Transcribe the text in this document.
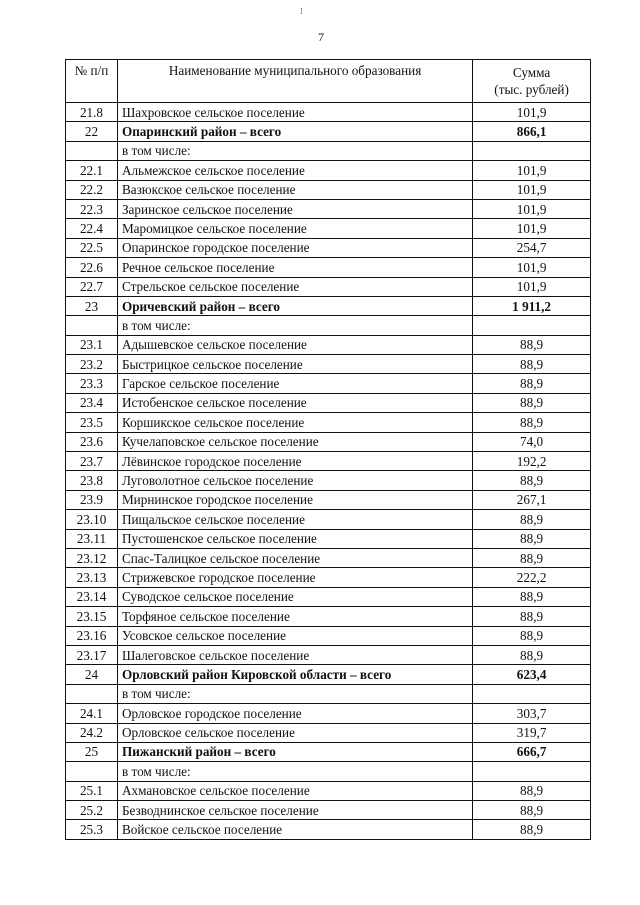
⁝
7
№ п/п	Наименование муниципального образования	Сумма
(тыс. рублей)
21.8	Шахровское сельское поселение	101,9
22	Опаринский район – всего	866,1
	в том числе:	
22.1	Альмежское сельское поселение	101,9
22.2	Вазюкское сельское поселение	101,9
22.3	Заринское сельское поселение	101,9
22.4	Маромицкое сельское поселение	101,9
22.5	Опаринское городское поселение	254,7
22.6	Речное сельское поселение	101,9
22.7	Стрельское сельское поселение	101,9
23	Оричевский район – всего	1 911,2
	в том числе:	
23.1	Адышевское сельское поселение	88,9
23.2	Быстрицкое сельское поселение	88,9
23.3	Гарское сельское поселение	88,9
23.4	Истобенское сельское поселение	88,9
23.5	Коршикское сельское поселение	88,9
23.6	Кучелаповское сельское поселение	74,0
23.7	Лёвинское городское поселение	192,2
23.8	Луговолотное сельское поселение	88,9
23.9	Мирнинское городское поселение	267,1
23.10	Пищальское сельское поселение	88,9
23.11	Пустошенское сельское поселение	88,9
23.12	Спас-Талицкое сельское поселение	88,9
23.13	Стрижевское городское поселение	222,2
23.14	Суводское сельское поселение	88,9
23.15	Торфяное сельское поселение	88,9
23.16	Усовское сельское поселение	88,9
23.17	Шалеговское сельское поселение	88,9
24	Орловский район Кировской области – всего	623,4
	в том числе:	
24.1	Орловское городское поселение	303,7
24.2	Орловское сельское поселение	319,7
25	Пижанский район – всего	666,7
	в том числе:	
25.1	Ахмановское сельское поселение	88,9
25.2	Безводнинское сельское поселение	88,9
25.3	Войское сельское поселение	88,9
